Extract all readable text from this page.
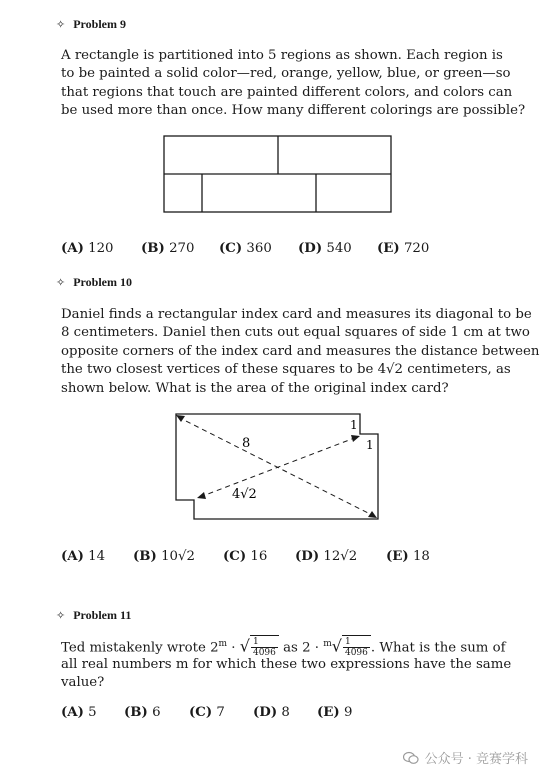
✧ Problem 9
A rectangle is partitioned into 5 regions as shown. Each region is
to be painted a solid color—red, orange, yellow, blue, or green—so
that regions that touch are painted different colors, and colors can
be used more than once. How many different colorings are possible?
(A) 120 (B) 270 (C) 360 (D) 540 (E) 720
✧ Problem 10
Daniel finds a rectangular index card and measures its diagonal to be
8 centimeters. Daniel then cuts out equal squares of side 1 cm at two
opposite corners of the index card and measures the distance between
the two closest vertices of these squares to be 4√2 centimeters, as
shown below. What is the area of the original index card?
8
4√2
1
1
(A) 14 (B) 10√2 (C) 16 (D) 12√2 (E) 18
✧ Problem 11
Ted mistakenly wrote $2^m$ · √ $\frac{1}{4096}$ as $2 \cdot ^m√ \frac{1}{4096}$ . What is the sum of
all real numbers m for which these two expressions have the same
value?
(A) 5 (B) 6 (C) 7 (D) 8 (E) 9
公众号 · 竞赛学科
